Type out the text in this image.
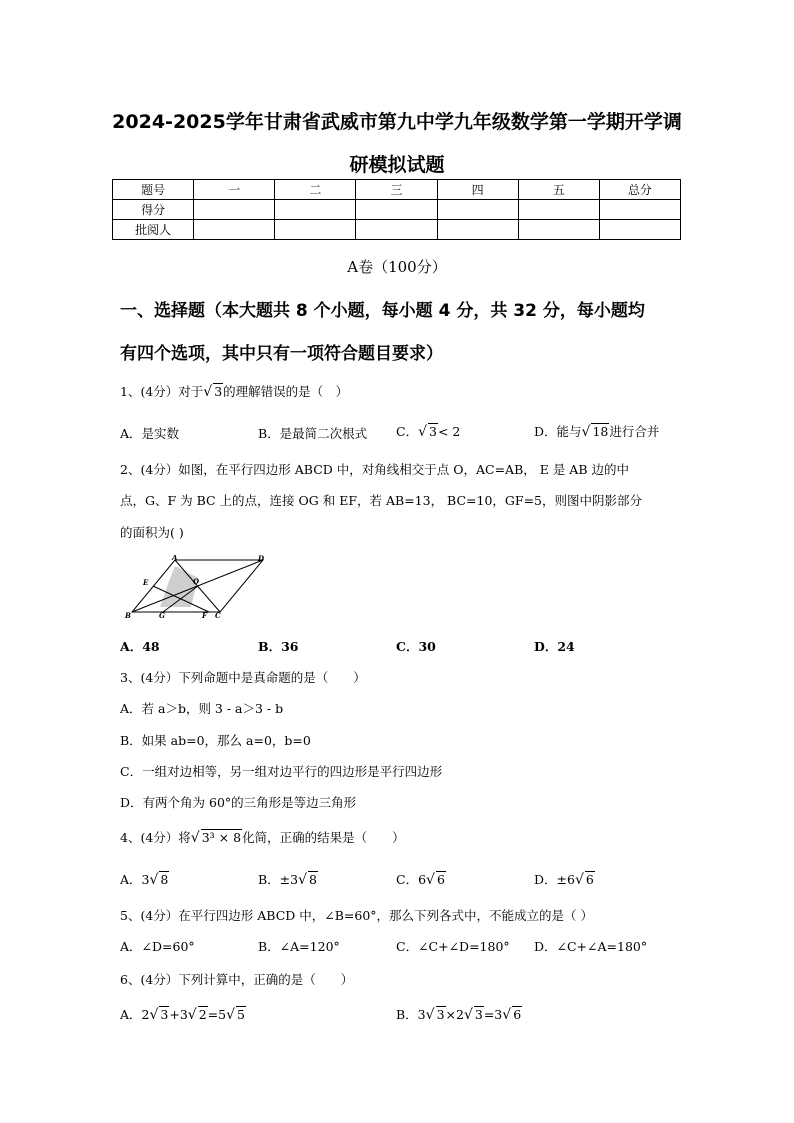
2024-2025学年甘肃省武威市第九中学九年级数学第一学期开学调
研模拟试题
题号	一	二	三	四	五	总分
得分						
批阅人						
A卷（100分）
一、选择题（本大题共 8 个小题，每小题 4 分，共 32 分，每小题均
有四个选项，其中只有一项符合题目要求）
1、(4分）对于√ 3的理解错误的是（　）
A．是实数	B．是最简二次根式 C．√ 3< 2	D．能与√ 18进行合并
2、(4分）如图，在平行四边形 ABCD 中，对角线相交于点 O，AC=AB， E 是 AB 边的中
点，G、F 为 BC 上的点，连接 OG 和 EF，若 AB=13， BC=10，GF=5，则图中阴影部分
的面积为( )
A	D
E	O
B	G	F C
A．48	B．36	C．30	D．24
3、(4分）下列命题中是真命题的是（　　）
A．若 a＞b，则 3 - a＞3 - b
B．如果 ab=0，那么 a=0，b=0
C．一组对边相等，另一组对边平行的四边形是平行四边形
D．有两个角为 60°的三角形是等边三角形
4、(4分）将√ 3³ × 8化简，正确的结果是（　　）
A．3√ 8	B．±3√ 8	C．6√ 6	D．±6√ 6
5、(4分）在平行四边形 ABCD 中，∠B=60°，那么下列各式中，不能成立的是（ ）
A．∠D=60°	B．∠A=120°	C．∠C+∠D=180° D．∠C+∠A=180°
6、(4分）下列计算中，正确的是（　　）
A．2√ 3+3√ 2=5√ 5	B．3√ 3×2√ 3=3√ 6
